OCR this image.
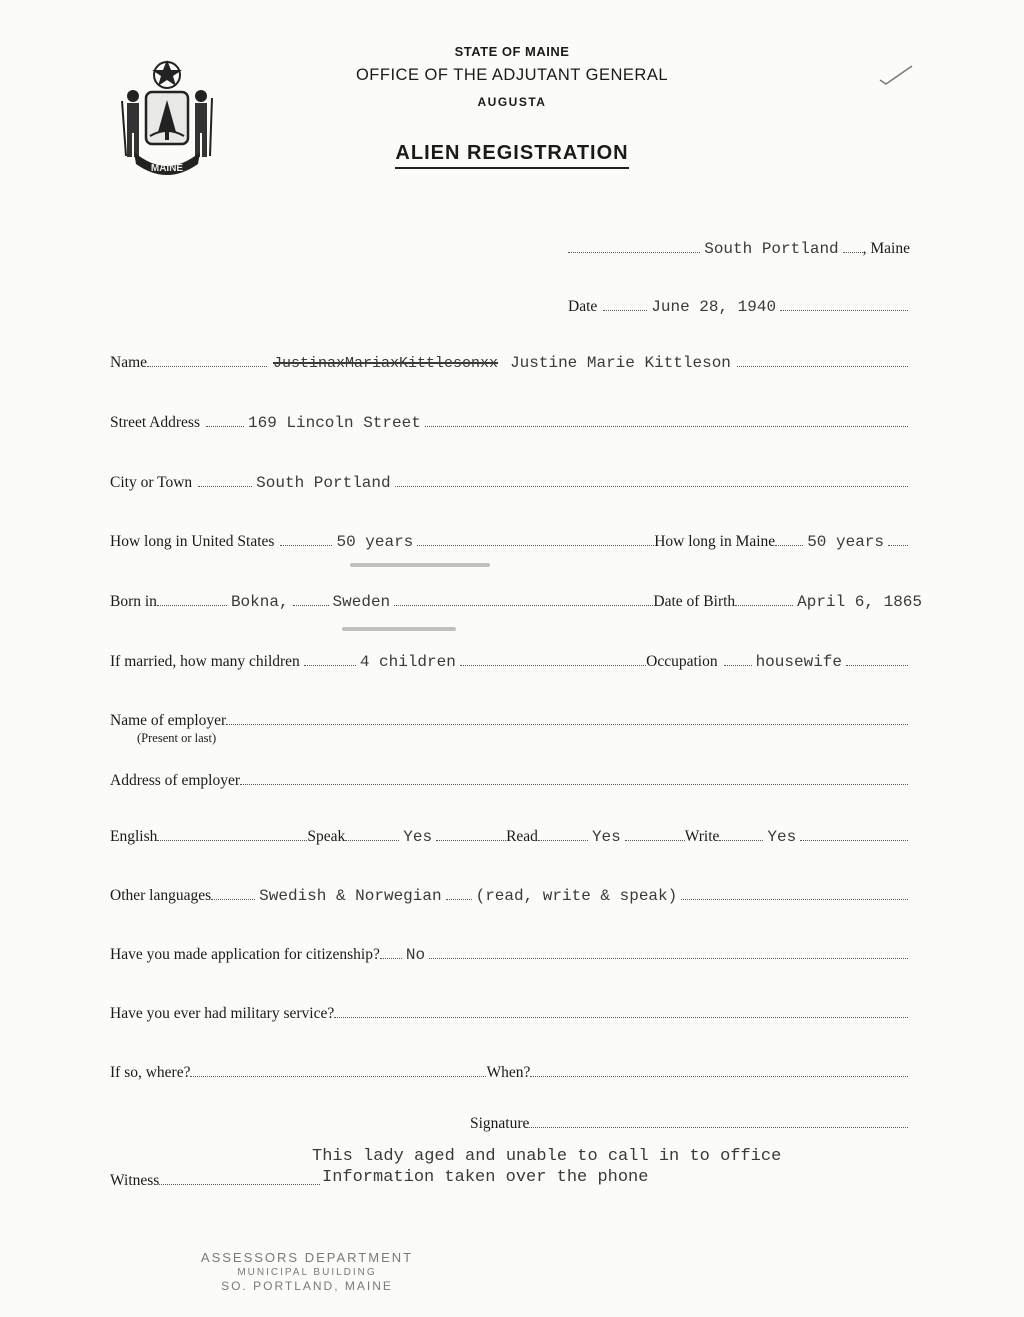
MAINE
STATE OF MAINE
OFFICE OF THE ADJUTANT GENERAL
AUGUSTA
ALIEN REGISTRATION
South Portland , Maine
Date	June 28, 1940
Name	JustinaxMariaxKittlesonxx Justine Marie Kittleson
Street Address	169 Lincoln Street
City or Town	South Portland
How long in United States	50 years	How long in Maine 50 years
Born in	Bokna,	Sweden	Date of Birth	April 6, 1865
If married, how many children	4 children	Occupation housewife
Name of employer
(Present or last)
Address of employer
English	Speak	Yes	Read	Yes	Write	Yes
Other languages	Swedish & Norwegian (read, write & speak)
Have you made application for citizenship? No
Have you ever had military service?
If so, where?	When?
Signature
This lady aged and unable to call in to office
Information taken over the phone
Witness
ASSESSORS DEPARTMENT
MUNICIPAL BUILDING
SO. PORTLAND, MAINE
